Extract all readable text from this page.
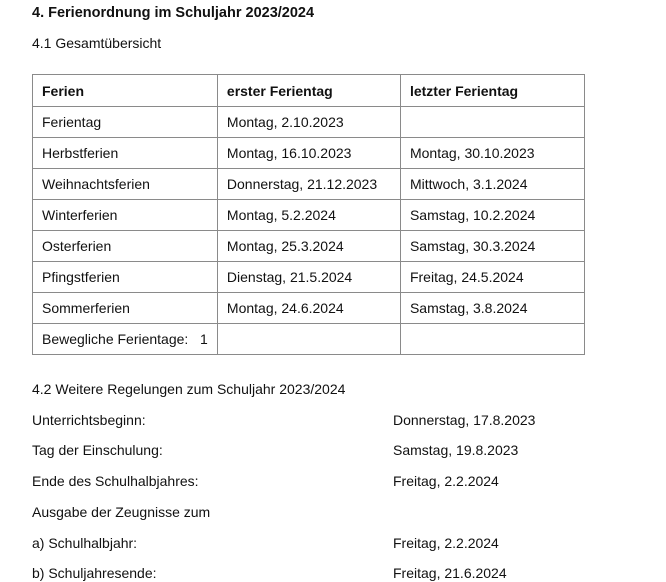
4. Ferienordnung im Schuljahr 2023/2024
4.1 Gesamtübersicht
Ferien	erster Ferientag	letzter Ferientag
Ferientag	Montag, 2.10.2023	
Herbstferien	Montag, 16.10.2023	Montag, 30.10.2023
Weihnachtsferien	Donnerstag, 21.12.2023	Mittwoch, 3.1.2024
Winterferien	Montag, 5.2.2024	Samstag, 10.2.2024
Osterferien	Montag, 25.3.2024	Samstag, 30.3.2024
Pfingstferien	Dienstag, 21.5.2024	Freitag, 24.5.2024
Sommerferien	Montag, 24.6.2024	Samstag, 3.8.2024
Bewegliche Ferientage:   1		
4.2 Weitere Regelungen zum Schuljahr 2023/2024
Unterrichtsbeginn:	Donnerstag, 17.8.2023
Tag der Einschulung:	Samstag, 19.8.2023
Ende des Schulhalbjahres:	Freitag, 2.2.2024
Ausgabe der Zeugnisse zum
a) Schulhalbjahr:	Freitag, 2.2.2024
b) Schuljahresende:	Freitag, 21.6.2024
